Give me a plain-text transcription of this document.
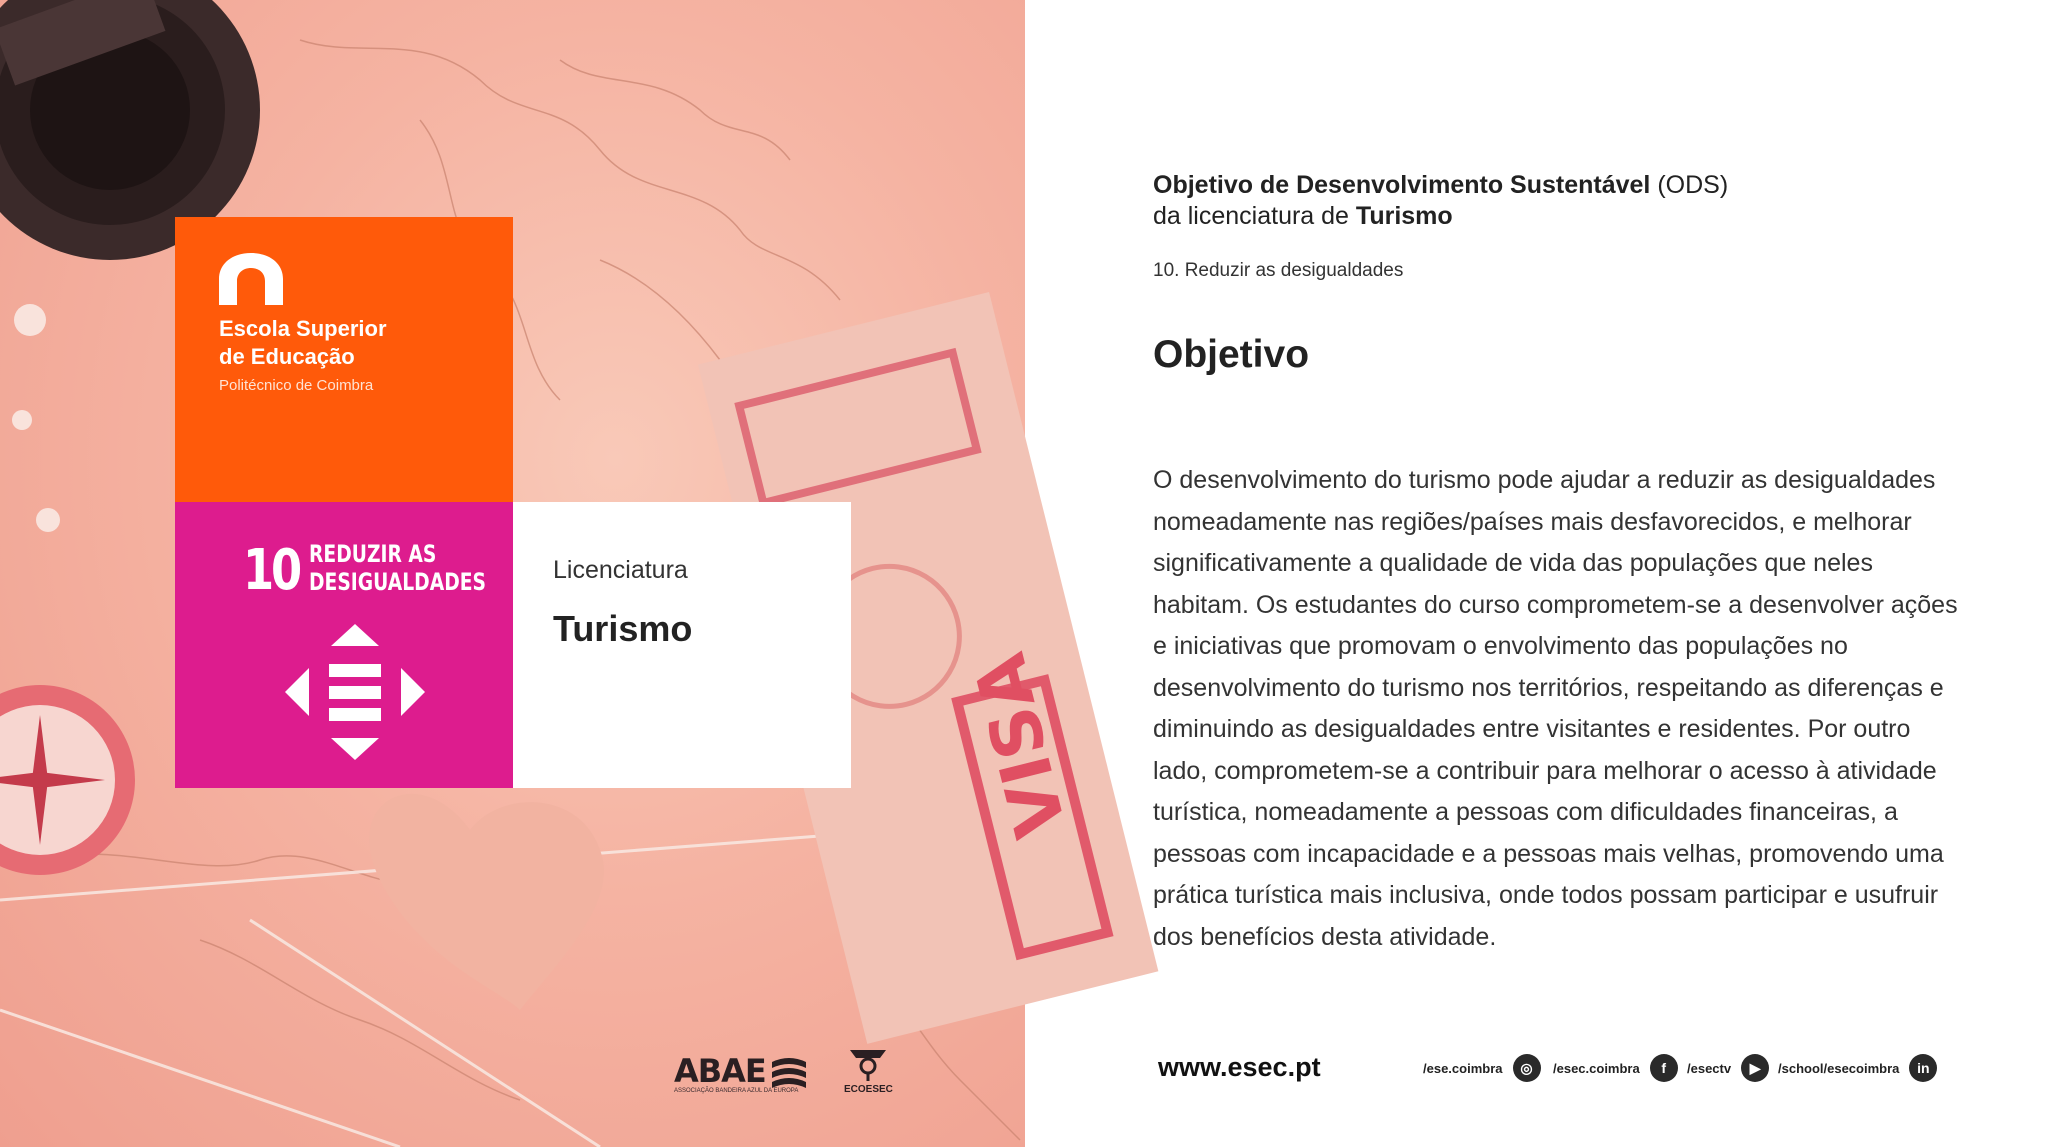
VISA
Escola Superior
de Educação
Politécnico de Coimbra
10 REDUZIR AS
DESIGUALDADES	Licenciatura
Turismo
ABAE
ASSOCIAÇÃO BANDEIRA AZUL DA EUROPA	ECOESEC
Objetivo de Desenvolvimento Sustentável (ODS)
da licenciatura de Turismo
10. Reduzir as desigualdades
Objetivo
O desenvolvimento do turismo pode ajudar a reduzir as desigualdades nomeadamente nas regiões/países mais desfavorecidos, e melhorar significativamente a qualidade de vida das populações que neles habitam. Os estudantes do curso comprometem-se a desenvolver ações e iniciativas que promovam o envolvimento das populações no desenvolvimento do turismo nos territórios, respeitando as diferenças e diminuindo as desigualdades entre visitantes e residentes. Por outro lado, comprometem-se a contribuir para melhorar o acesso à atividade turística, nomeadamente a pessoas com dificuldades financeiras, a pessoas com incapacidade e a pessoas mais velhas, promovendo uma prática turística mais inclusiva, onde todos possam participar e usufruir dos benefícios desta atividade.
www.esec.pt	/ese.coimbra	◎	/esec.coimbra	f	/esectv	▶	/school/esecoimbra	in
